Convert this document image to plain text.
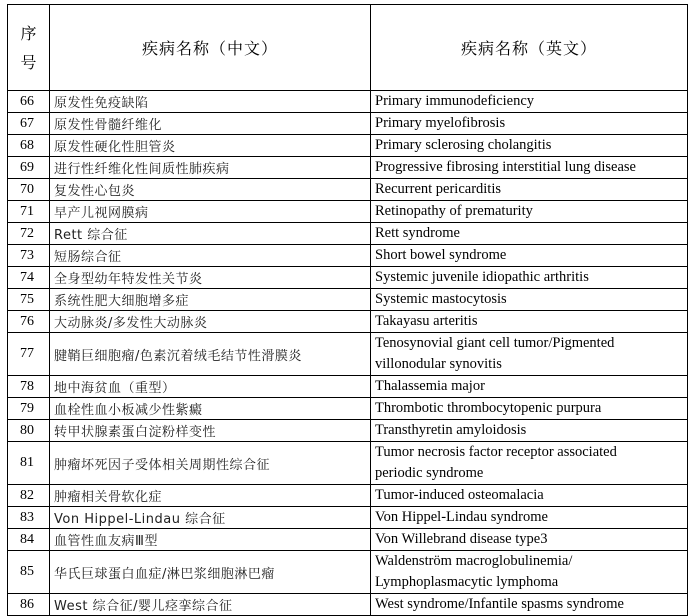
序
号	疾病名称（中文）	疾病名称（英文）
66	原发性免疫缺陷	Primary immunodeficiency

67	原发性骨髓纤维化	Primary myelofibrosis

68	原发性硬化性胆管炎	Primary sclerosing cholangitis

69	进行性纤维化性间质性肺疾病	Progressive fibrosing interstitial lung disease

70	复发性心包炎	Recurrent pericarditis

71	早产儿视网膜病	Retinopathy of prematurity

72	Rett 综合征	Rett syndrome

73	短肠综合征	Short bowel syndrome

74	全身型幼年特发性关节炎	Systemic juvenile idiopathic arthritis

75	系统性肥大细胞增多症	Systemic mastocytosis

76	大动脉炎/多发性大动脉炎	Takayasu arteritis

77	腱鞘巨细胞瘤/色素沉着绒毛结节性滑膜炎	Tenosynovial giant cell tumor/Pigmented
villonodular synovitis

78	地中海贫血（重型）	Thalassemia major

79	血栓性血小板减少性紫癜	Thrombotic thrombocytopenic purpura

80	转甲状腺素蛋白淀粉样变性	Transthyretin amyloidosis

81	肿瘤坏死因子受体相关周期性综合征	Tumor necrosis factor receptor associated
periodic syndrome

82	肿瘤相关骨软化症	Tumor-induced osteomalacia

83	Von Hippel-Lindau 综合征	Von Hippel-Lindau syndrome

84	血管性血友病Ⅲ型	Von Willebrand disease type3

85	华氏巨球蛋白血症/淋巴浆细胞淋巴瘤	Waldenström macroglobulinemia/
Lymphoplasmacytic lymphoma

86	West 综合征/婴儿痉挛综合征	West syndrome/Infantile spasms syndrome
